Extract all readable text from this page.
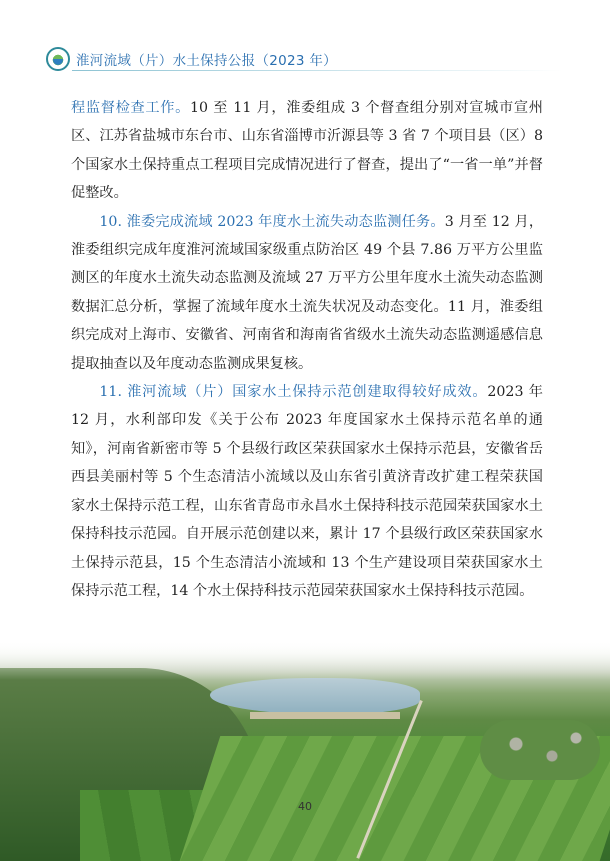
淮河流域（片）水土保持公报（2023 年）

程监督检查工作。10 至 11 月，淮委组成 3 个督查组分别对宣城市宣州区、江苏省盐城市东台市、山东省淄博市沂源县等 3 省 7 个项目县（区）8 个国家水土保持重点工程项目完成情况进行了督查，提出了“一省一单”并督促整改。

10. 淮委完成流域 2023 年度水土流失动态监测任务。3 月至 12 月，淮委组织完成年度淮河流域国家级重点防治区 49 个县 7.86 万平方公里监测区的年度水土流失动态监测及流域 27 万平方公里年度水土流失动态监测数据汇总分析，掌握了流域年度水土流失状况及动态变化。11 月，淮委组织完成对上海市、安徽省、河南省和海南省省级水土流失动态监测遥感信息提取抽查以及年度动态监测成果复核。

11. 淮河流域（片）国家水土保持示范创建取得较好成效。2023 年 12 月，水利部印发《关于公布 2023 年度国家水土保持示范名单的通知》，河南省新密市等 5 个县级行政区荣获国家水土保持示范县，安徽省岳西县美丽村等 5 个生态清洁小流域以及山东省引黄济青改扩建工程荣获国家水土保持示范工程，山东省青岛市永昌水土保持科技示范园荣获国家水土保持科技示范园。自开展示范创建以来，累计 17 个县级行政区荣获国家水土保持示范县，15 个生态清洁小流域和 13 个生产建设项目荣获国家水土保持示范工程，14 个水土保持科技示范园荣获国家水土保持科技示范园。

40
